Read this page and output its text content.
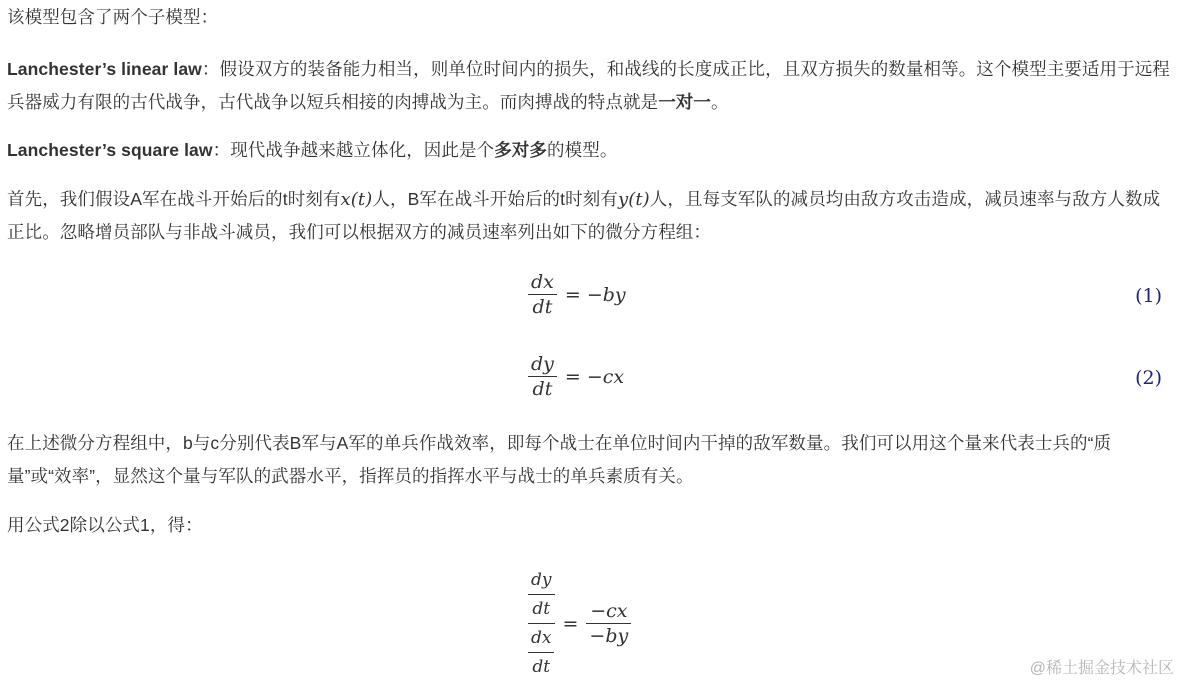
该模型包含了两个子模型：

Lanchester’s linear law：假设双方的装备能力相当，则单位时间内的损失，和战线的长度成正比，且双方损失的数量相等。这个模型主要适用于远程兵器威力有限的古代战争，古代战争以短兵相接的肉搏战为主。而肉搏战的特点就是一对一。

Lanchester’s square law：现代战争越来越立体化，因此是个多对多的模型。

首先，我们假设A军在战斗开始后的t时刻有x(t)人，B军在战斗开始后的t时刻有y(t)人，且每支军队的减员均由敌方攻击造成，减员速率与敌方人数成正比。忽略增员部队与非战斗减员，我们可以根据双方的减员速率列出如下的微分方程组：

在上述微分方程组中，b与c分别代表B军与A军的单兵作战效率，即每个战士在单位时间内干掉的敌军数量。我们可以用这个量来代表士兵的“质量”或“效率”，显然这个量与军队的武器水平，指挥员的指挥水平与战士的单兵素质有关。

用公式2除以公式1，得：

$\frac{dx}{dt} = -by$	(1)
$\frac{dy}{dt} = -cx$	(2)
$\frac{dy}{dt}$
$\frac{dx}{dt}$
= $\frac{-cx}{-by}$
@稀土掘金技术社区
